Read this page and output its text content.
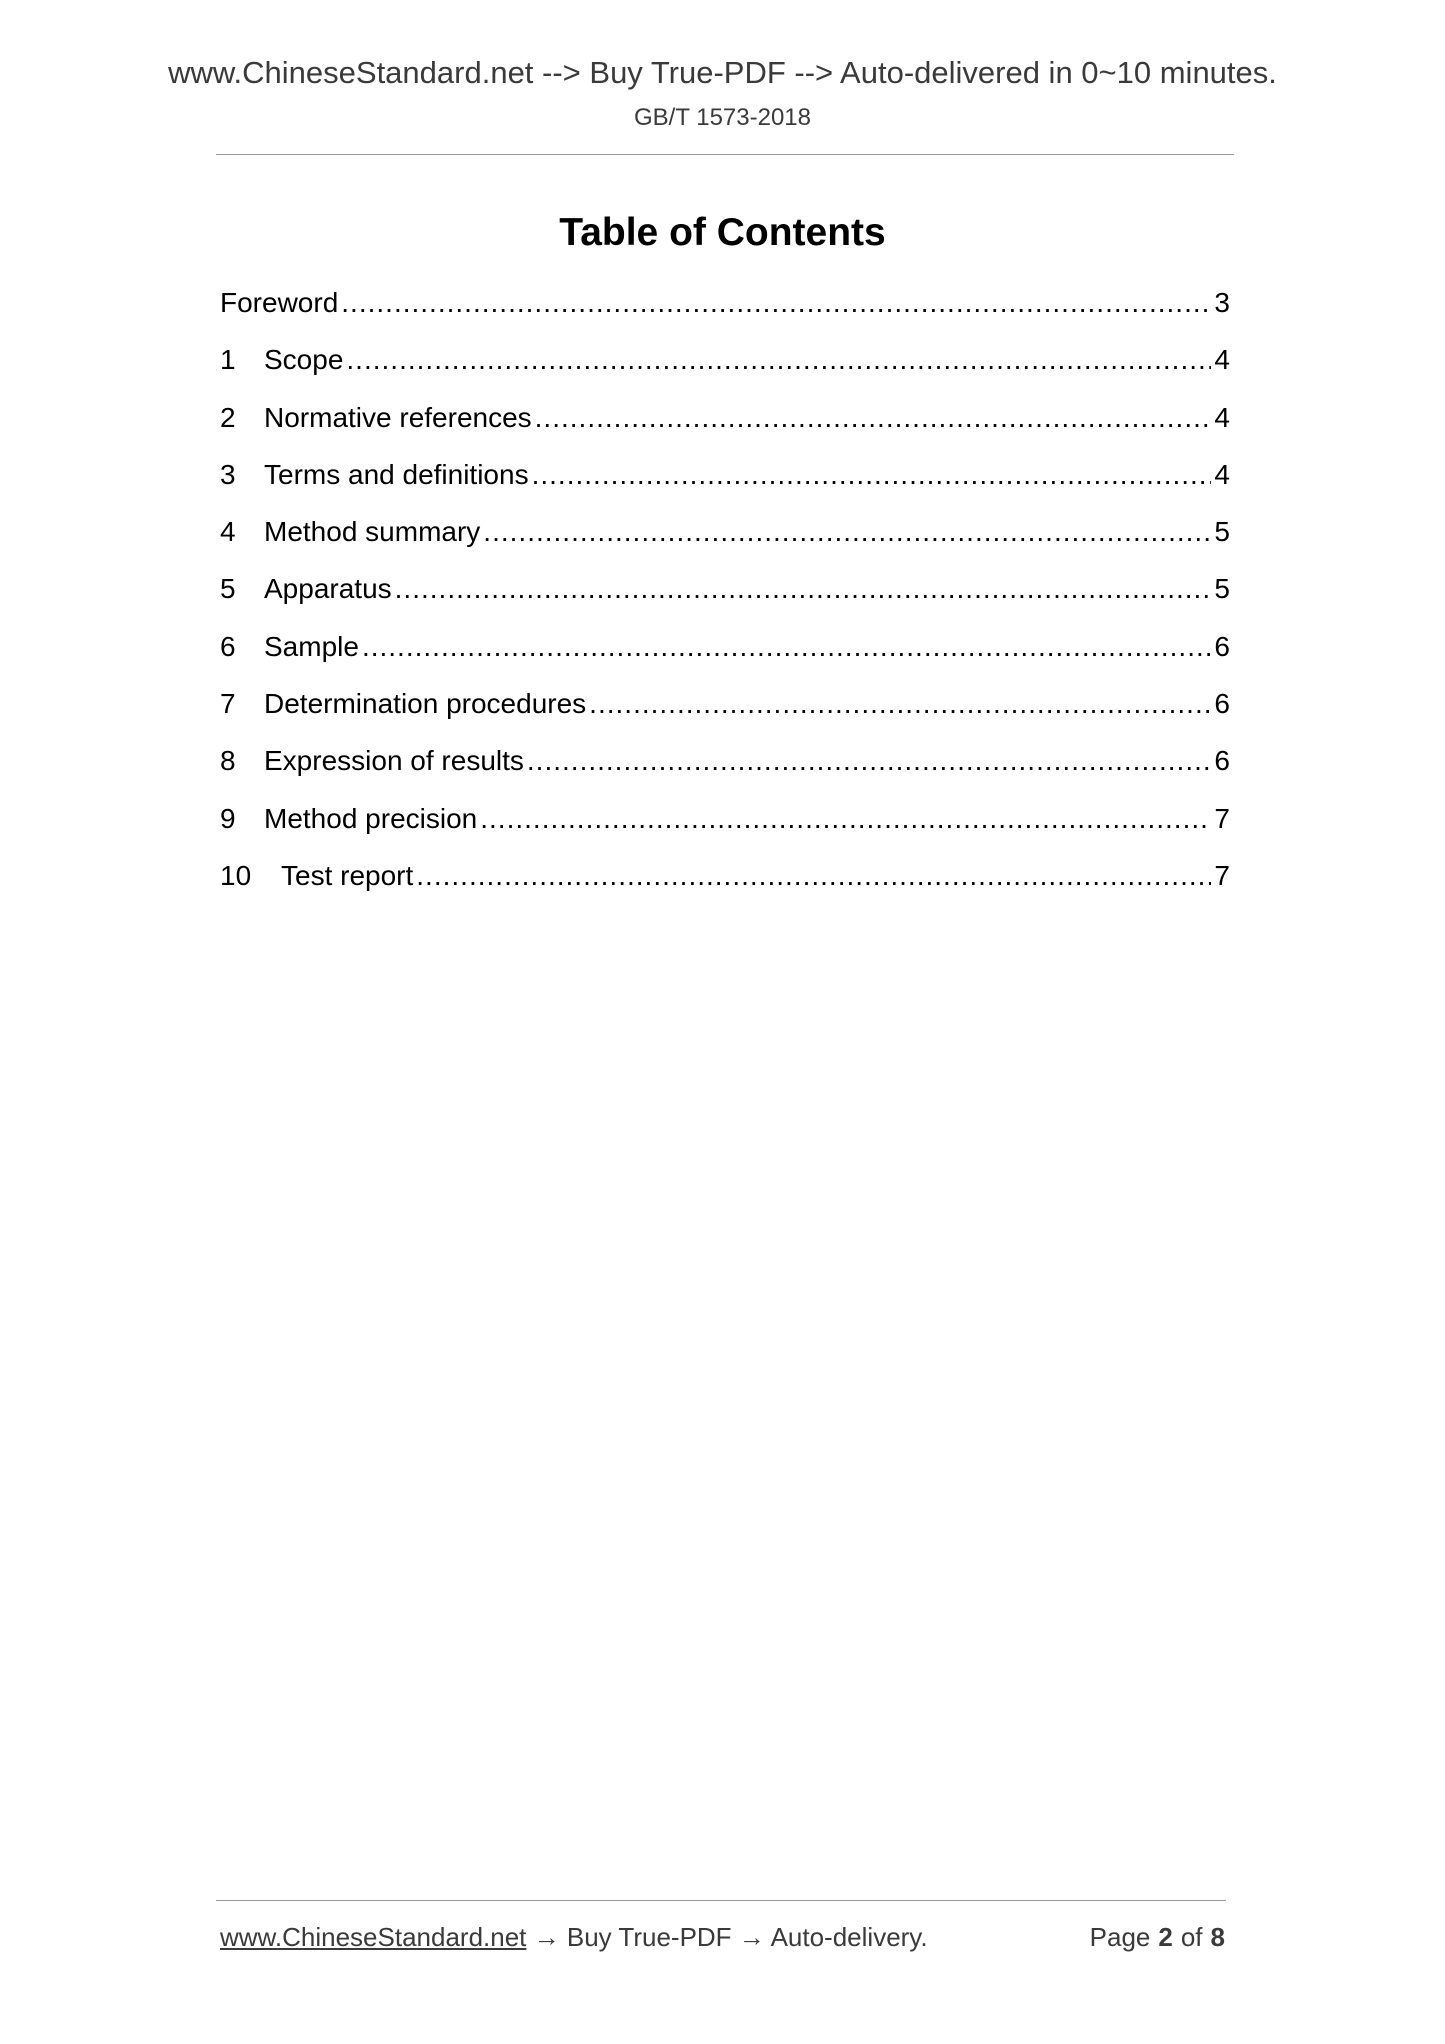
www.ChineseStandard.net --> Buy True-PDF --> Auto-delivered in 0~10 minutes.
GB/T 1573-2018
Table of Contents
Foreword .....	3
1	Scope .....	4
2	Normative references .....	4
3	Terms and definitions .....	4
4	Method summary .....	5
5	Apparatus .....	5
6	Sample .....	6
7	Determination procedures .....	6
8	Expression of results .....	6
9	Method precision .....	7
10	Test report .....	7
www.ChineseStandard.net → Buy True-PDF → Auto-delivery.	Page 2 of 8
